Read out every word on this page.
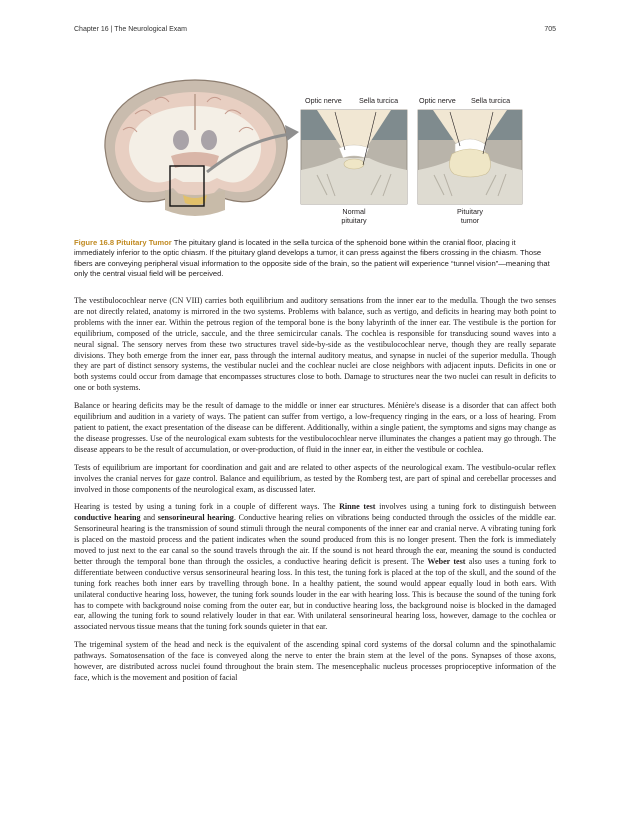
Chapter 16 | The Neurological Exam	705
Optic nerve Sella turcica	Optic nerve Sella turcica
Normal
pituitary
Pituitary
tumor
Figure 16.8 Pituitary Tumor The pituitary gland is located in the sella turcica of the sphenoid bone within the cranial floor, placing it immediately inferior to the optic chiasm. If the pituitary gland develops a tumor, it can press against the fibers crossing in the chiasm. Those fibers are conveying peripheral visual information to the opposite side of the brain, so the patient will experience “tunnel vision”—meaning that only the central visual field will be perceived.

The vestibulocochlear nerve (CN VIII) carries both equilibrium and auditory sensations from the inner ear to the medulla. Though the two senses are not directly related, anatomy is mirrored in the two systems. Problems with balance, such as vertigo, and deficits in hearing may both point to problems with the inner ear. Within the petrous region of the temporal bone is the bony labyrinth of the inner ear. The vestibule is the portion for equilibrium, composed of the utricle, saccule, and the three semicircular canals. The cochlea is responsible for transducing sound waves into a neural signal. The sensory nerves from these two structures travel side-by-side as the vestibulocochlear nerve, though they are really separate divisions. They both emerge from the inner ear, pass through the internal auditory meatus, and synapse in nuclei of the superior medulla. Though they are part of distinct sensory systems, the vestibular nuclei and the cochlear nuclei are close neighbors with adjacent inputs. Deficits in one or both systems could occur from damage that encompasses structures close to both. Damage to structures near the two nuclei can result in deficits to one or both systems.

Balance or hearing deficits may be the result of damage to the middle or inner ear structures. Ménière's disease is a disorder that can affect both equilibrium and audition in a variety of ways. The patient can suffer from vertigo, a low-frequency ringing in the ears, or a loss of hearing. From patient to patient, the exact presentation of the disease can be different. Additionally, within a single patient, the symptoms and signs may change as the disease progresses. Use of the neurological exam subtests for the vestibulocochlear nerve illuminates the changes a patient may go through. The disease appears to be the result of accumulation, or over-production, of fluid in the inner ear, in either the vestibule or cochlea.

Tests of equilibrium are important for coordination and gait and are related to other aspects of the neurological exam. The vestibulo-ocular reflex involves the cranial nerves for gaze control. Balance and equilibrium, as tested by the Romberg test, are part of spinal and cerebellar processes and involved in those components of the neurological exam, as discussed later.

Hearing is tested by using a tuning fork in a couple of different ways. The Rinne test involves using a tuning fork to distinguish between conductive hearing and sensorineural hearing. Conductive hearing relies on vibrations being conducted through the ossicles of the middle ear. Sensorineural hearing is the transmission of sound stimuli through the neural components of the inner ear and cranial nerve. A vibrating tuning fork is placed on the mastoid process and the patient indicates when the sound produced from this is no longer present. Then the fork is immediately moved to just next to the ear canal so the sound travels through the air. If the sound is not heard through the ear, meaning the sound is conducted better through the temporal bone than through the ossicles, a conductive hearing deficit is present. The Weber test also uses a tuning fork to differentiate between conductive versus sensorineural hearing loss. In this test, the tuning fork is placed at the top of the skull, and the sound of the tuning fork reaches both inner ears by travelling through bone. In a healthy patient, the sound would appear equally loud in both ears. With unilateral conductive hearing loss, however, the tuning fork sounds louder in the ear with hearing loss. This is because the sound of the tuning fork has to compete with background noise coming from the outer ear, but in conductive hearing loss, the background noise is blocked in the damaged ear, allowing the tuning fork to sound relatively louder in that ear. With unilateral sensorineural hearing loss, however, damage to the cochlea or associated nervous tissue means that the tuning fork sounds quieter in that ear.

The trigeminal system of the head and neck is the equivalent of the ascending spinal cord systems of the dorsal column and the spinothalamic pathways. Somatosensation of the face is conveyed along the nerve to enter the brain stem at the level of the pons. Synapses of those axons, however, are distributed across nuclei found throughout the brain stem. The mesencephalic nucleus processes proprioceptive information of the face, which is the movement and position of facial
